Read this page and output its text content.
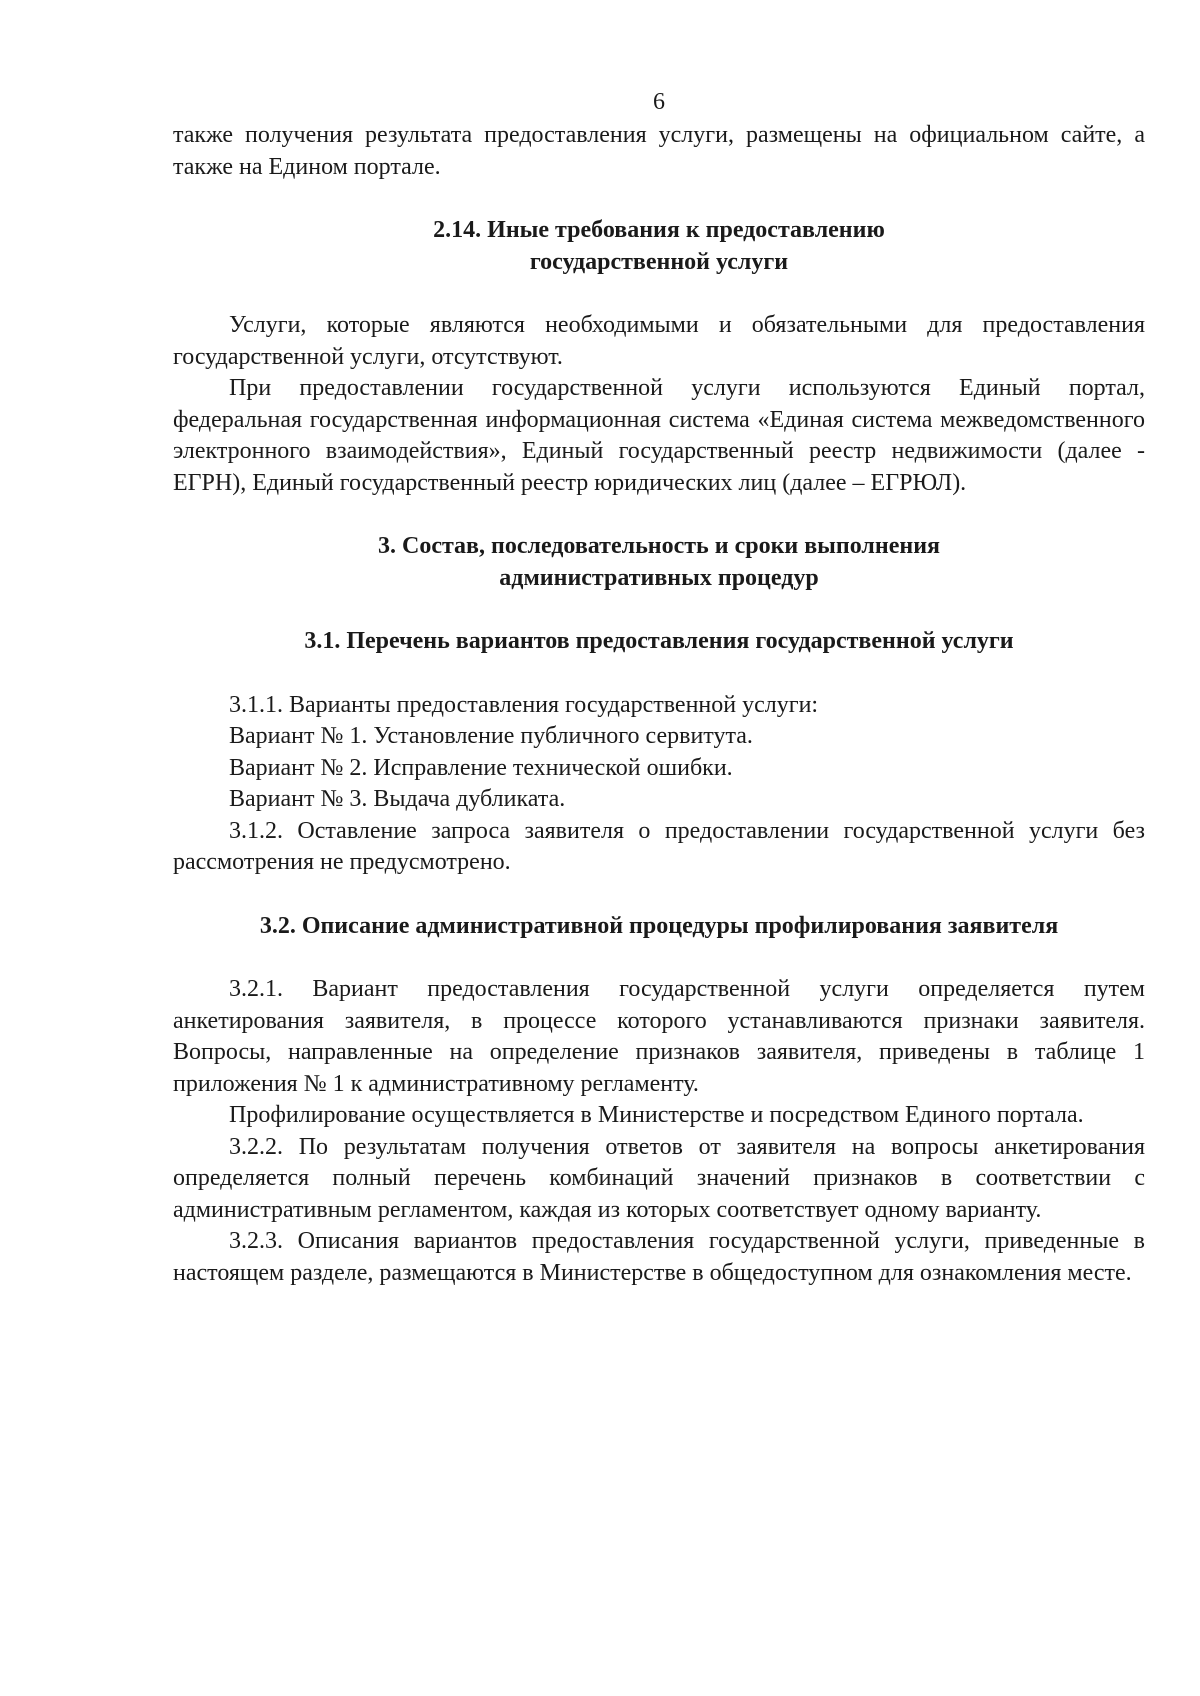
6

также получения результата предоставления услуги, размещены на официальном сайте, а также на Едином портале.

2.14. Иные требования к предоставлению государственной услуги

Услуги, которые являются необходимыми и обязательными для предоставления государственной услуги, отсутствуют.

При предоставлении государственной услуги используются Единый портал, федеральная государственная информационная система «Единая система межведомственного электронного взаимодействия», Единый государственный реестр недвижимости (далее - ЕГРН), Единый государственный реестр юридических лиц (далее – ЕГРЮЛ).

3. Состав, последовательность и сроки выполнения административных процедур
3.1. Перечень вариантов предоставления государственной услуги

3.1.1. Варианты предоставления государственной услуги:

Вариант № 1. Установление публичного сервитута.

Вариант № 2. Исправление технической ошибки.

Вариант № 3. Выдача дубликата.

3.1.2. Оставление запроса заявителя о предоставлении государственной услуги без рассмотрения не предусмотрено.

3.2. Описание административной процедуры профилирования заявителя

3.2.1. Вариант предоставления государственной услуги определяется путем анкетирования заявителя, в процессе которого устанавливаются признаки заявителя. Вопросы, направленные на определение признаков заявителя, приведены в таблице 1 приложения № 1 к административному регламенту.

Профилирование осуществляется в Министерстве и посредством Единого портала.

3.2.2. По результатам получения ответов от заявителя на вопросы анкетирования определяется полный перечень комбинаций значений признаков в соответствии с административным регламентом, каждая из которых соответствует одному варианту.

3.2.3. Описания вариантов предоставления государственной услуги, приведенные в настоящем разделе, размещаются в Министерстве в общедоступном для ознакомления месте.
